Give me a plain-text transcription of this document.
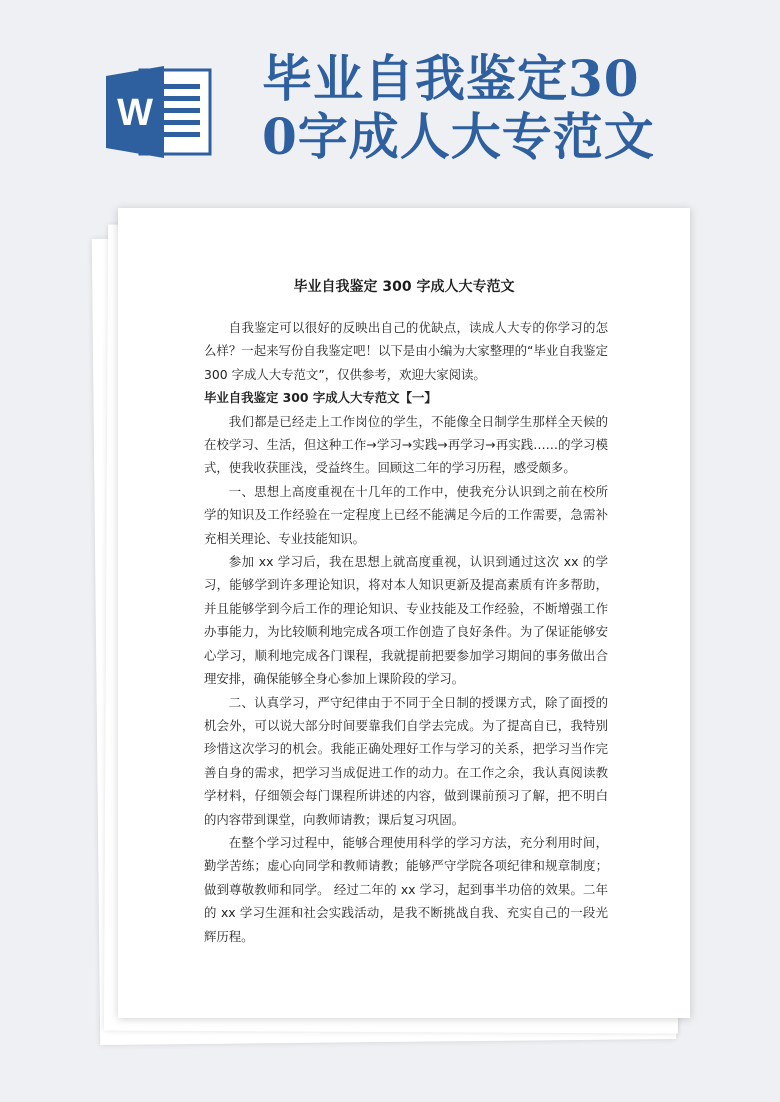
W
毕业自我鉴定30
0字成人大专范文
毕业自我鉴定 300 字成人大专范文

自我鉴定可以很好的反映出自己的优缺点，读成人大专的你学习的怎么样？一起来写份自我鉴定吧！以下是由小编为大家整理的“毕业自我鉴定 300 字成人大专范文”，仅供参考，欢迎大家阅读。

毕业自我鉴定 300 字成人大专范文【一】

我们都是已经走上工作岗位的学生，不能像全日制学生那样全天候的在校学习、生活，但这种工作→学习→实践→再学习→再实践……的学习模式，使我收获匪浅，受益终生。回顾这二年的学习历程，感受颇多。

一、思想上高度重视在十几年的工作中，使我充分认识到之前在校所学的知识及工作经验在一定程度上已经不能满足今后的工作需要，急需补充相关理论、专业技能知识。

参加 xx 学习后，我在思想上就高度重视，认识到通过这次 xx 的学习，能够学到许多理论知识，将对本人知识更新及提高素质有许多帮助，并且能够学到今后工作的理论知识、专业技能及工作经验，不断增强工作办事能力，为比较顺利地完成各项工作创造了良好条件。为了保证能够安心学习，顺利地完成各门课程，我就提前把要参加学习期间的事务做出合理安排，确保能够全身心参加上课阶段的学习。

二、认真学习，严守纪律由于不同于全日制的授课方式，除了面授的机会外，可以说大部分时间要靠我们自学去完成。为了提高自已，我特别珍惜这次学习的机会。我能正确处理好工作与学习的关系，把学习当作完善自身的需求，把学习当成促进工作的动力。在工作之余，我认真阅读教学材料，仔细领会每门课程所讲述的内容，做到课前预习了解，把不明白的内容带到课堂，向教师请教；课后复习巩固。

在整个学习过程中，能够合理使用科学的学习方法，充分利用时间，勤学苦练；虚心向同学和教师请教；能够严守学院各项纪律和规章制度；做到尊敬教师和同学。 经过二年的 xx 学习，起到事半功倍的效果。二年的 xx 学习生涯和社会实践活动，是我不断挑战自我、充实自己的一段光辉历程。
